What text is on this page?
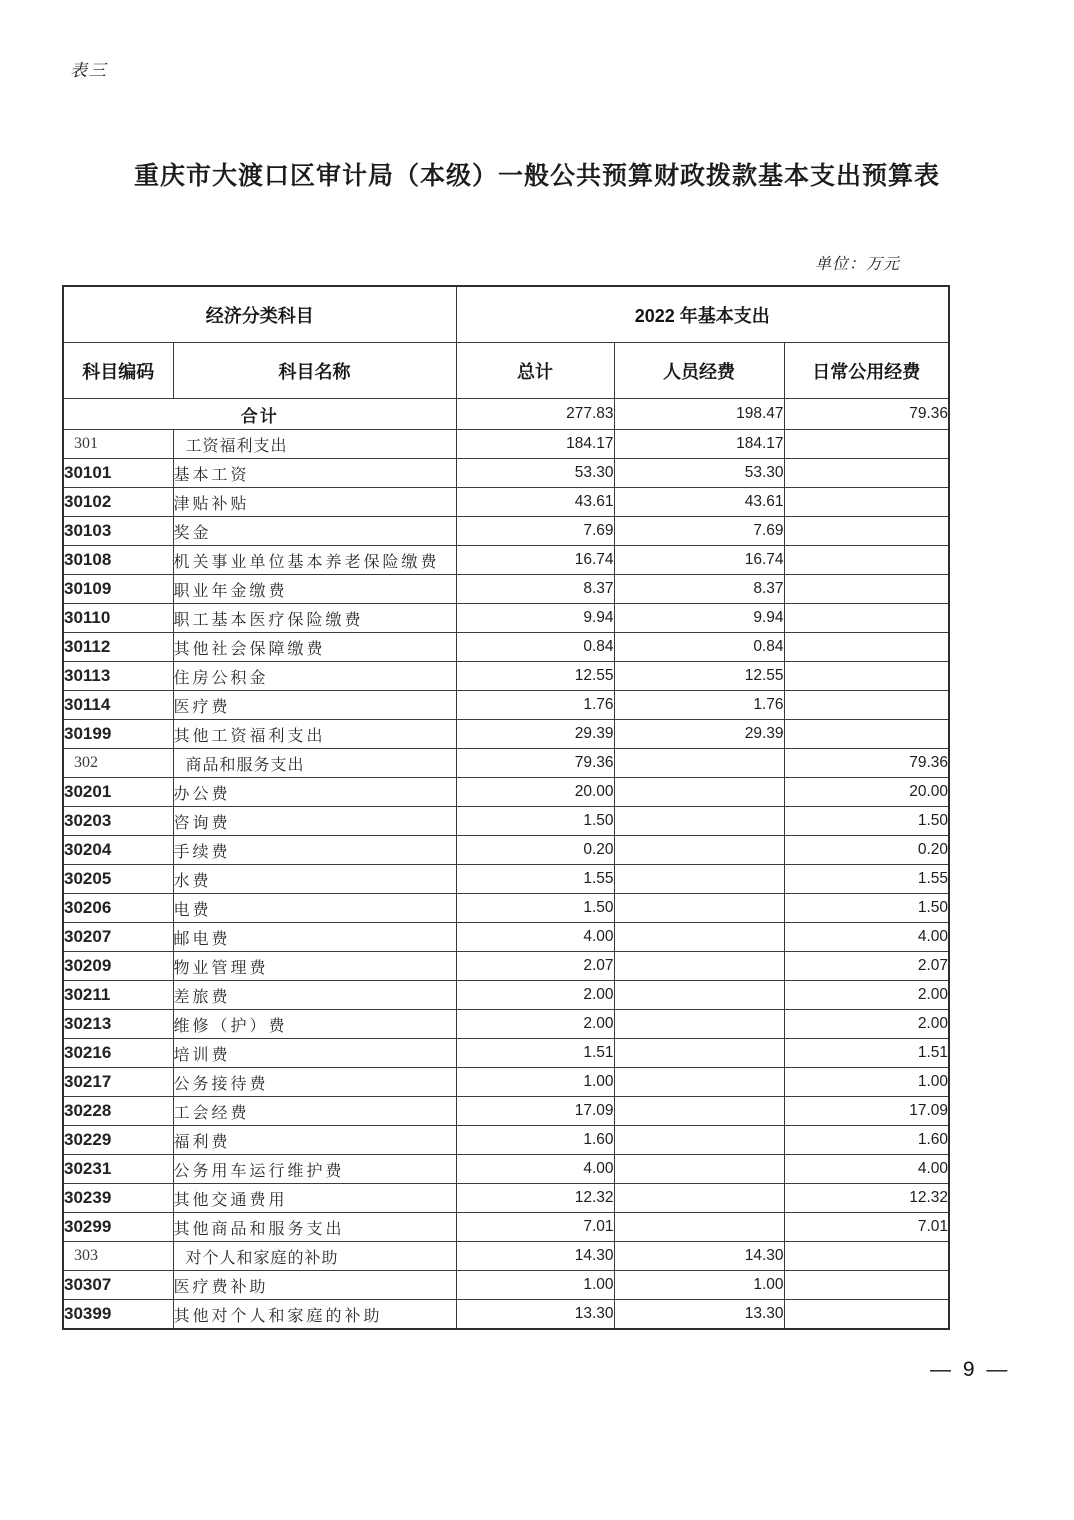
表三
重庆市大渡口区审计局（本级）一般公共预算财政拨款基本支出预算表
单位：万元
经济分类科目		2022 年基本支出		
科目编码	科目名称	总计	人员经费	日常公用经费
合计		277.83	198.47	79.36
301	工资福利支出	184.17	184.17	
30101	基本工资	53.30	53.30	
30102	津贴补贴	43.61	43.61	
30103	奖金	7.69	7.69	
30108	机关事业单位基本养老保险缴费	16.74	16.74	
30109	职业年金缴费	8.37	8.37	
30110	职工基本医疗保险缴费	9.94	9.94	
30112	其他社会保障缴费	0.84	0.84	
30113	住房公积金	12.55	12.55	
30114	医疗费	1.76	1.76	
30199	其他工资福利支出	29.39	29.39	
302	商品和服务支出	79.36		79.36
30201	办公费	20.00		20.00
30203	咨询费	1.50		1.50
30204	手续费	0.20		0.20
30205	水费	1.55		1.55
30206	电费	1.50		1.50
30207	邮电费	4.00		4.00
30209	物业管理费	2.07		2.07
30211	差旅费	2.00		2.00
30213	维修（护）费	2.00		2.00
30216	培训费	1.51		1.51
30217	公务接待费	1.00		1.00
30228	工会经费	17.09		17.09
30229	福利费	1.60		1.60
30231	公务用车运行维护费	4.00		4.00
30239	其他交通费用	12.32		12.32
30299	其他商品和服务支出	7.01		7.01
303	对个人和家庭的补助	14.30	14.30	
30307	医疗费补助	1.00	1.00	
30399	其他对个人和家庭的补助	13.30	13.30	
— 9 —
